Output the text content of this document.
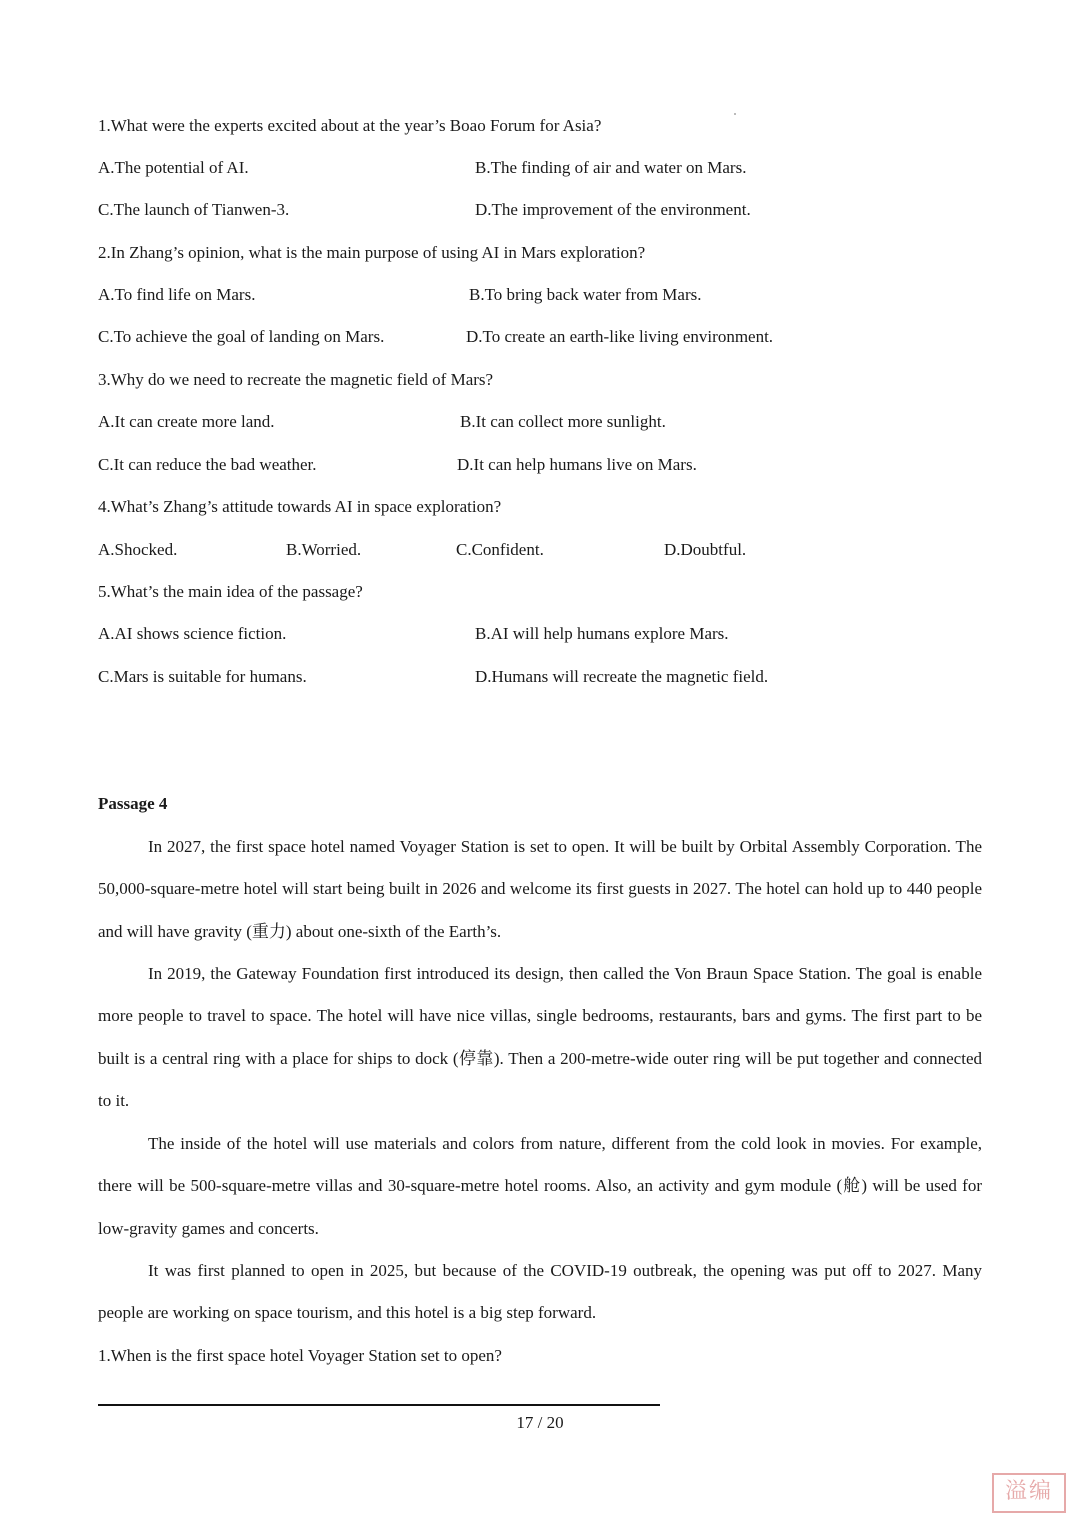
1.What were the experts excited about at the year’s Boao Forum for Asia?
A.The potential of AI.	B.The finding of air and water on Mars.
C.The launch of Tianwen-3.	D.The improvement of the environment.
2.In Zhang’s opinion, what is the main purpose of using AI in Mars exploration?
A.To find life on Mars.	B.To bring back water from Mars.
C.To achieve the goal of landing on Mars.	D.To create an earth-like living environment.
3.Why do we need to recreate the magnetic field of Mars?
A.It can create more land.	B.It can collect more sunlight.
C.It can reduce the bad weather.	D.It can help humans live on Mars.
4.What’s Zhang’s attitude towards AI in space exploration?
A.Shocked.	B.Worried.	C.Confident.	D.Doubtful.
5.What’s the main idea of the passage?
A.AI shows science fiction.	B.AI will help humans explore Mars.
C.Mars is suitable for humans.	D.Humans will recreate the magnetic field.
Passage 4

In 2027, the first space hotel named Voyager Station is set to open. It will be built by Orbital Assembly Corporation. The 50,000-square-metre hotel will start being built in 2026 and welcome its first guests in 2027. The hotel can hold up to 440 people and will have gravity (重力) about one-sixth of the Earth’s.

In 2019, the Gateway Foundation first introduced its design, then called the Von Braun Space Station. The goal is enable more people to travel to space. The hotel will have nice villas, single bedrooms, restaurants, bars and gyms. The first part to be built is a central ring with a place for ships to dock (停靠). Then a 200-metre-wide outer ring will be put together and connected to it.

The inside of the hotel will use materials and colors from nature, different from the cold look in movies. For example, there will be 500-square-metre villas and 30-square-metre hotel rooms. Also, an activity and gym module (舱) will be used for low-gravity games and concerts.

It was first planned to open in 2025, but because of the COVID-19 outbreak, the opening was put off to 2027. Many people are working on space tourism, and this hotel is a big step forward.

1.When is the first space hotel Voyager Station set to open?
17 / 20
溢编
